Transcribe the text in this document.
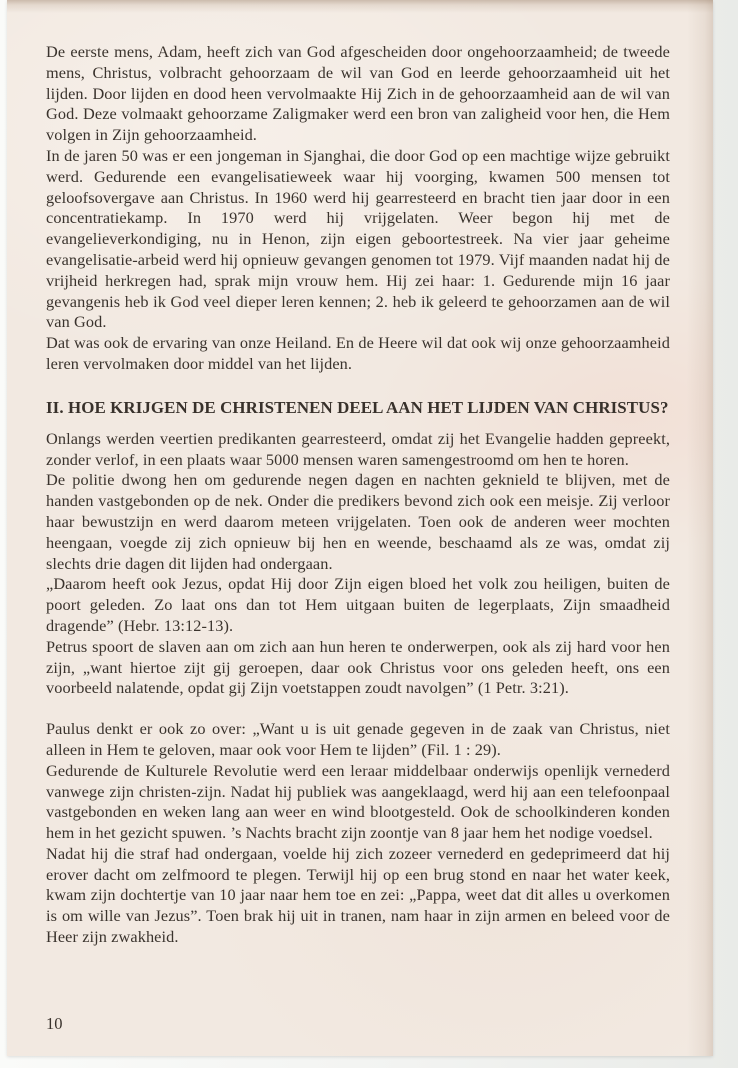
De eerste mens, Adam, heeft zich van God afgescheiden door ongehoorzaamheid; de tweede mens, Christus, volbracht gehoorzaam de wil van God en leerde gehoorzaamheid uit het lijden. Door lijden en dood heen vervolmaakte Hij Zich in de gehoorzaamheid aan de wil van God. Deze volmaakt gehoorzame Zaligmaker werd een bron van zaligheid voor hen, die Hem volgen in Zijn gehoorzaamheid.

In de jaren 50 was er een jongeman in Sjanghai, die door God op een machtige wijze gebruikt werd. Gedurende een evangelisatieweek waar hij voorging, kwamen 500 mensen tot geloofsovergave aan Christus. In 1960 werd hij gearresteerd en bracht tien jaar door in een concentratiekamp. In 1970 werd hij vrijgelaten. Weer begon hij met de evangelieverkondiging, nu in Henon, zijn eigen geboortestreek. Na vier jaar geheime evangelisatie-arbeid werd hij opnieuw gevangen genomen tot 1979. Vijf maanden nadat hij de vrijheid herkregen had, sprak mijn vrouw hem. Hij zei haar: 1. Gedurende mijn 16 jaar gevangenis heb ik God veel dieper leren kennen; 2. heb ik geleerd te gehoorzamen aan de wil van God.

Dat was ook de ervaring van onze Heiland. En de Heere wil dat ook wij onze gehoorzaamheid leren vervolmaken door middel van het lijden.

II. HOE KRIJGEN DE CHRISTENEN DEEL AAN HET LIJDEN VAN CHRISTUS?

Onlangs werden veertien predikanten gearresteerd, omdat zij het Evangelie hadden gepreekt, zonder verlof, in een plaats waar 5000 mensen waren samengestroomd om hen te horen.

De politie dwong hen om gedurende negen dagen en nachten geknield te blijven, met de handen vastgebonden op de nek. Onder die predikers bevond zich ook een meisje. Zij verloor haar bewustzijn en werd daarom meteen vrijgelaten. Toen ook de anderen weer mochten heengaan, voegde zij zich opnieuw bij hen en weende, beschaamd als ze was, omdat zij slechts drie dagen dit lijden had ondergaan.

„Daarom heeft ook Jezus, opdat Hij door Zijn eigen bloed het volk zou heiligen, buiten de poort geleden. Zo laat ons dan tot Hem uitgaan buiten de legerplaats, Zijn smaadheid dragende” (Hebr. 13:12-13).

Petrus spoort de slaven aan om zich aan hun heren te onderwerpen, ook als zij hard voor hen zijn, „want hiertoe zijt gij geroepen, daar ook Christus voor ons geleden heeft, ons een voorbeeld nalatende, opdat gij Zijn voetstappen zoudt navolgen” (1 Petr. 3:21).

Paulus denkt er ook zo over: „Want u is uit genade gegeven in de zaak van Christus, niet alleen in Hem te geloven, maar ook voor Hem te lijden” (Fil. 1 : 29).

Gedurende de Kulturele Revolutie werd een leraar middelbaar onderwijs openlijk vernederd vanwege zijn christen-zijn. Nadat hij publiek was aangeklaagd, werd hij aan een telefoonpaal vastgebonden en weken lang aan weer en wind blootgesteld. Ook de schoolkinderen konden hem in het gezicht spuwen. ’s Nachts bracht zijn zoontje van 8 jaar hem het nodige voedsel.

Nadat hij die straf had ondergaan, voelde hij zich zozeer vernederd en gedeprimeerd dat hij erover dacht om zelfmoord te plegen. Terwijl hij op een brug stond en naar het water keek, kwam zijn dochtertje van 10 jaar naar hem toe en zei: „Pappa, weet dat dit alles u overkomen is om wille van Jezus”. Toen brak hij uit in tranen, nam haar in zijn armen en beleed voor de Heer zijn zwakheid.

10
